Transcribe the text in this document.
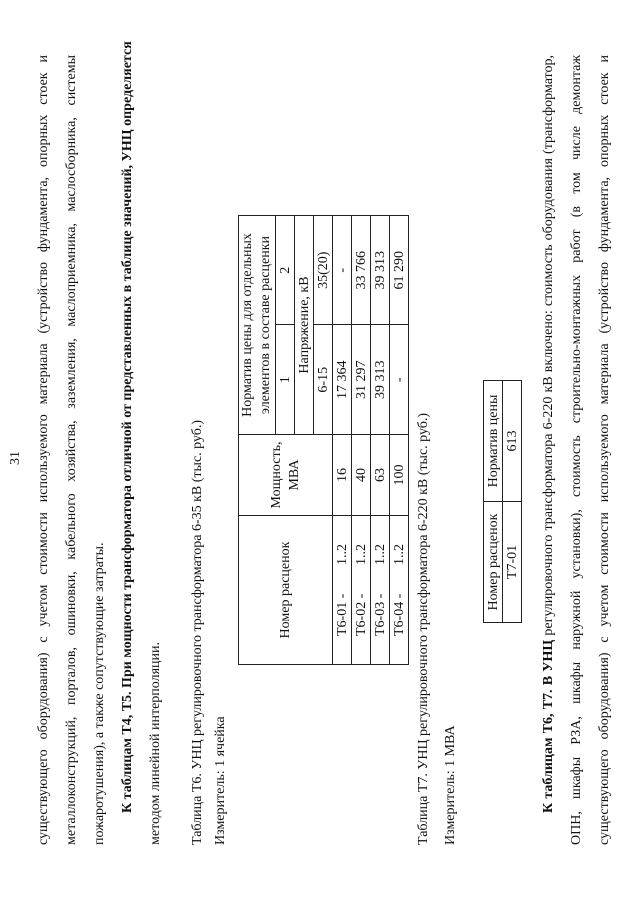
31 существующего оборудования) с учетом стоимости используемого материала (устройство фундамента, опорных стоек и металлоконструкций, порталов, ошиновки, кабельного хозяйства, заземления, маслоприемника, маслосборника, системы пожаротушения), а также сопутствующие затраты. К таблицам Т4, Т5. При мощности трансформатора отличной от представленных в таблице значений, УНЦ определяется методом линейной интерполяции.	Таблица Т6. УНЦ регулировочного трансформатора 6-35 кВ (тыс. руб.) Измеритель: 1 ячейка
Номер расценок	Мощность, МВА	Норматив цены для отдельных элементов в составе расценки	
		1	2
		Напряжение, кВ	
		6-15	35(20)
Т6-01-1..2	16	17 364	-
Т6-02-1..2	40	31 297	33 766
Т6-03-1..2	63	39 313	39 313
Т6-04-1..2	100	-	61 290
Таблица Т7. УНЦ регулировочного трансформатора 6-220 кВ (тыс. руб.) Измеритель: 1 МВА
Номер расценок	Норматив цены
Т7-01	613
К таблицам Т6, Т7. В УНЦ регулировочного трансформатора 6-220 кВ включено: стоимость оборудования (трансформатор, ОПН, шкафы РЗА, шкафы наружной установки), стоимость строительно-монтажных работ (в том числе демонтаж существующего оборудования) с учетом стоимости используемого материала (устройство фундамента, опорных стоек и
